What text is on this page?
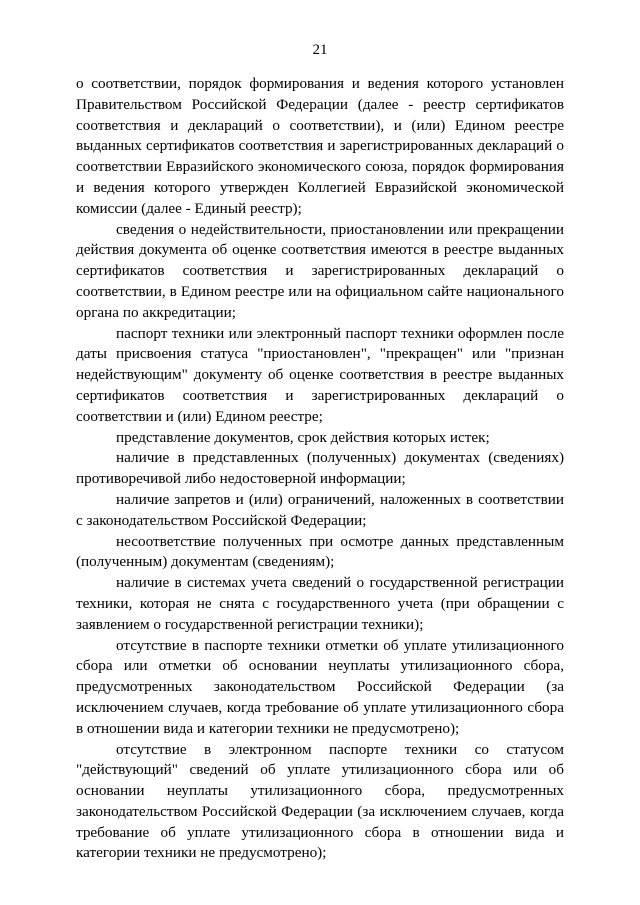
21

о соответствии, порядок формирования и ведения которого установлен Правительством Российской Федерации (далее - реестр сертификатов соответствия и деклараций о соответствии), и (или) Едином реестре выданных сертификатов соответствия и зарегистрированных деклараций о соответствии Евразийского экономического союза, порядок формирования и ведения которого утвержден Коллегией Евразийской экономической комиссии (далее - Единый реестр);

сведения о недействительности, приостановлении или прекращении действия документа об оценке соответствия имеются в реестре выданных сертификатов соответствия и зарегистрированных деклараций о соответствии, в Едином реестре или на официальном сайте национального органа по аккредитации;

паспорт техники или электронный паспорт техники оформлен после даты присвоения статуса "приостановлен", "прекращен" или "признан недействующим" документу об оценке соответствия в реестре выданных сертификатов соответствия и зарегистрированных деклараций о соответствии и (или) Едином реестре;

представление документов, срок действия которых истек;

наличие в представленных (полученных) документах (сведениях) противоречивой либо недостоверной информации;

наличие запретов и (или) ограничений, наложенных в соответствии с законодательством Российской Федерации;

несоответствие полученных при осмотре данных представленным (полученным) документам (сведениям);

наличие в системах учета сведений о государственной регистрации техники, которая не снята с государственного учета (при обращении с заявлением о государственной регистрации техники);

отсутствие в паспорте техники отметки об уплате утилизационного сбора или отметки об основании неуплаты утилизационного сбора, предусмотренных законодательством Российской Федерации (за исключением случаев, когда требование об уплате утилизационного сбора в отношении вида и категории техники не предусмотрено);

отсутствие в электронном паспорте техники со статусом "действующий" сведений об уплате утилизационного сбора или об основании неуплаты утилизационного сбора, предусмотренных законодательством Российской Федерации (за исключением случаев, когда требование об уплате утилизационного сбора в отношении вида и категории техники не предусмотрено);
